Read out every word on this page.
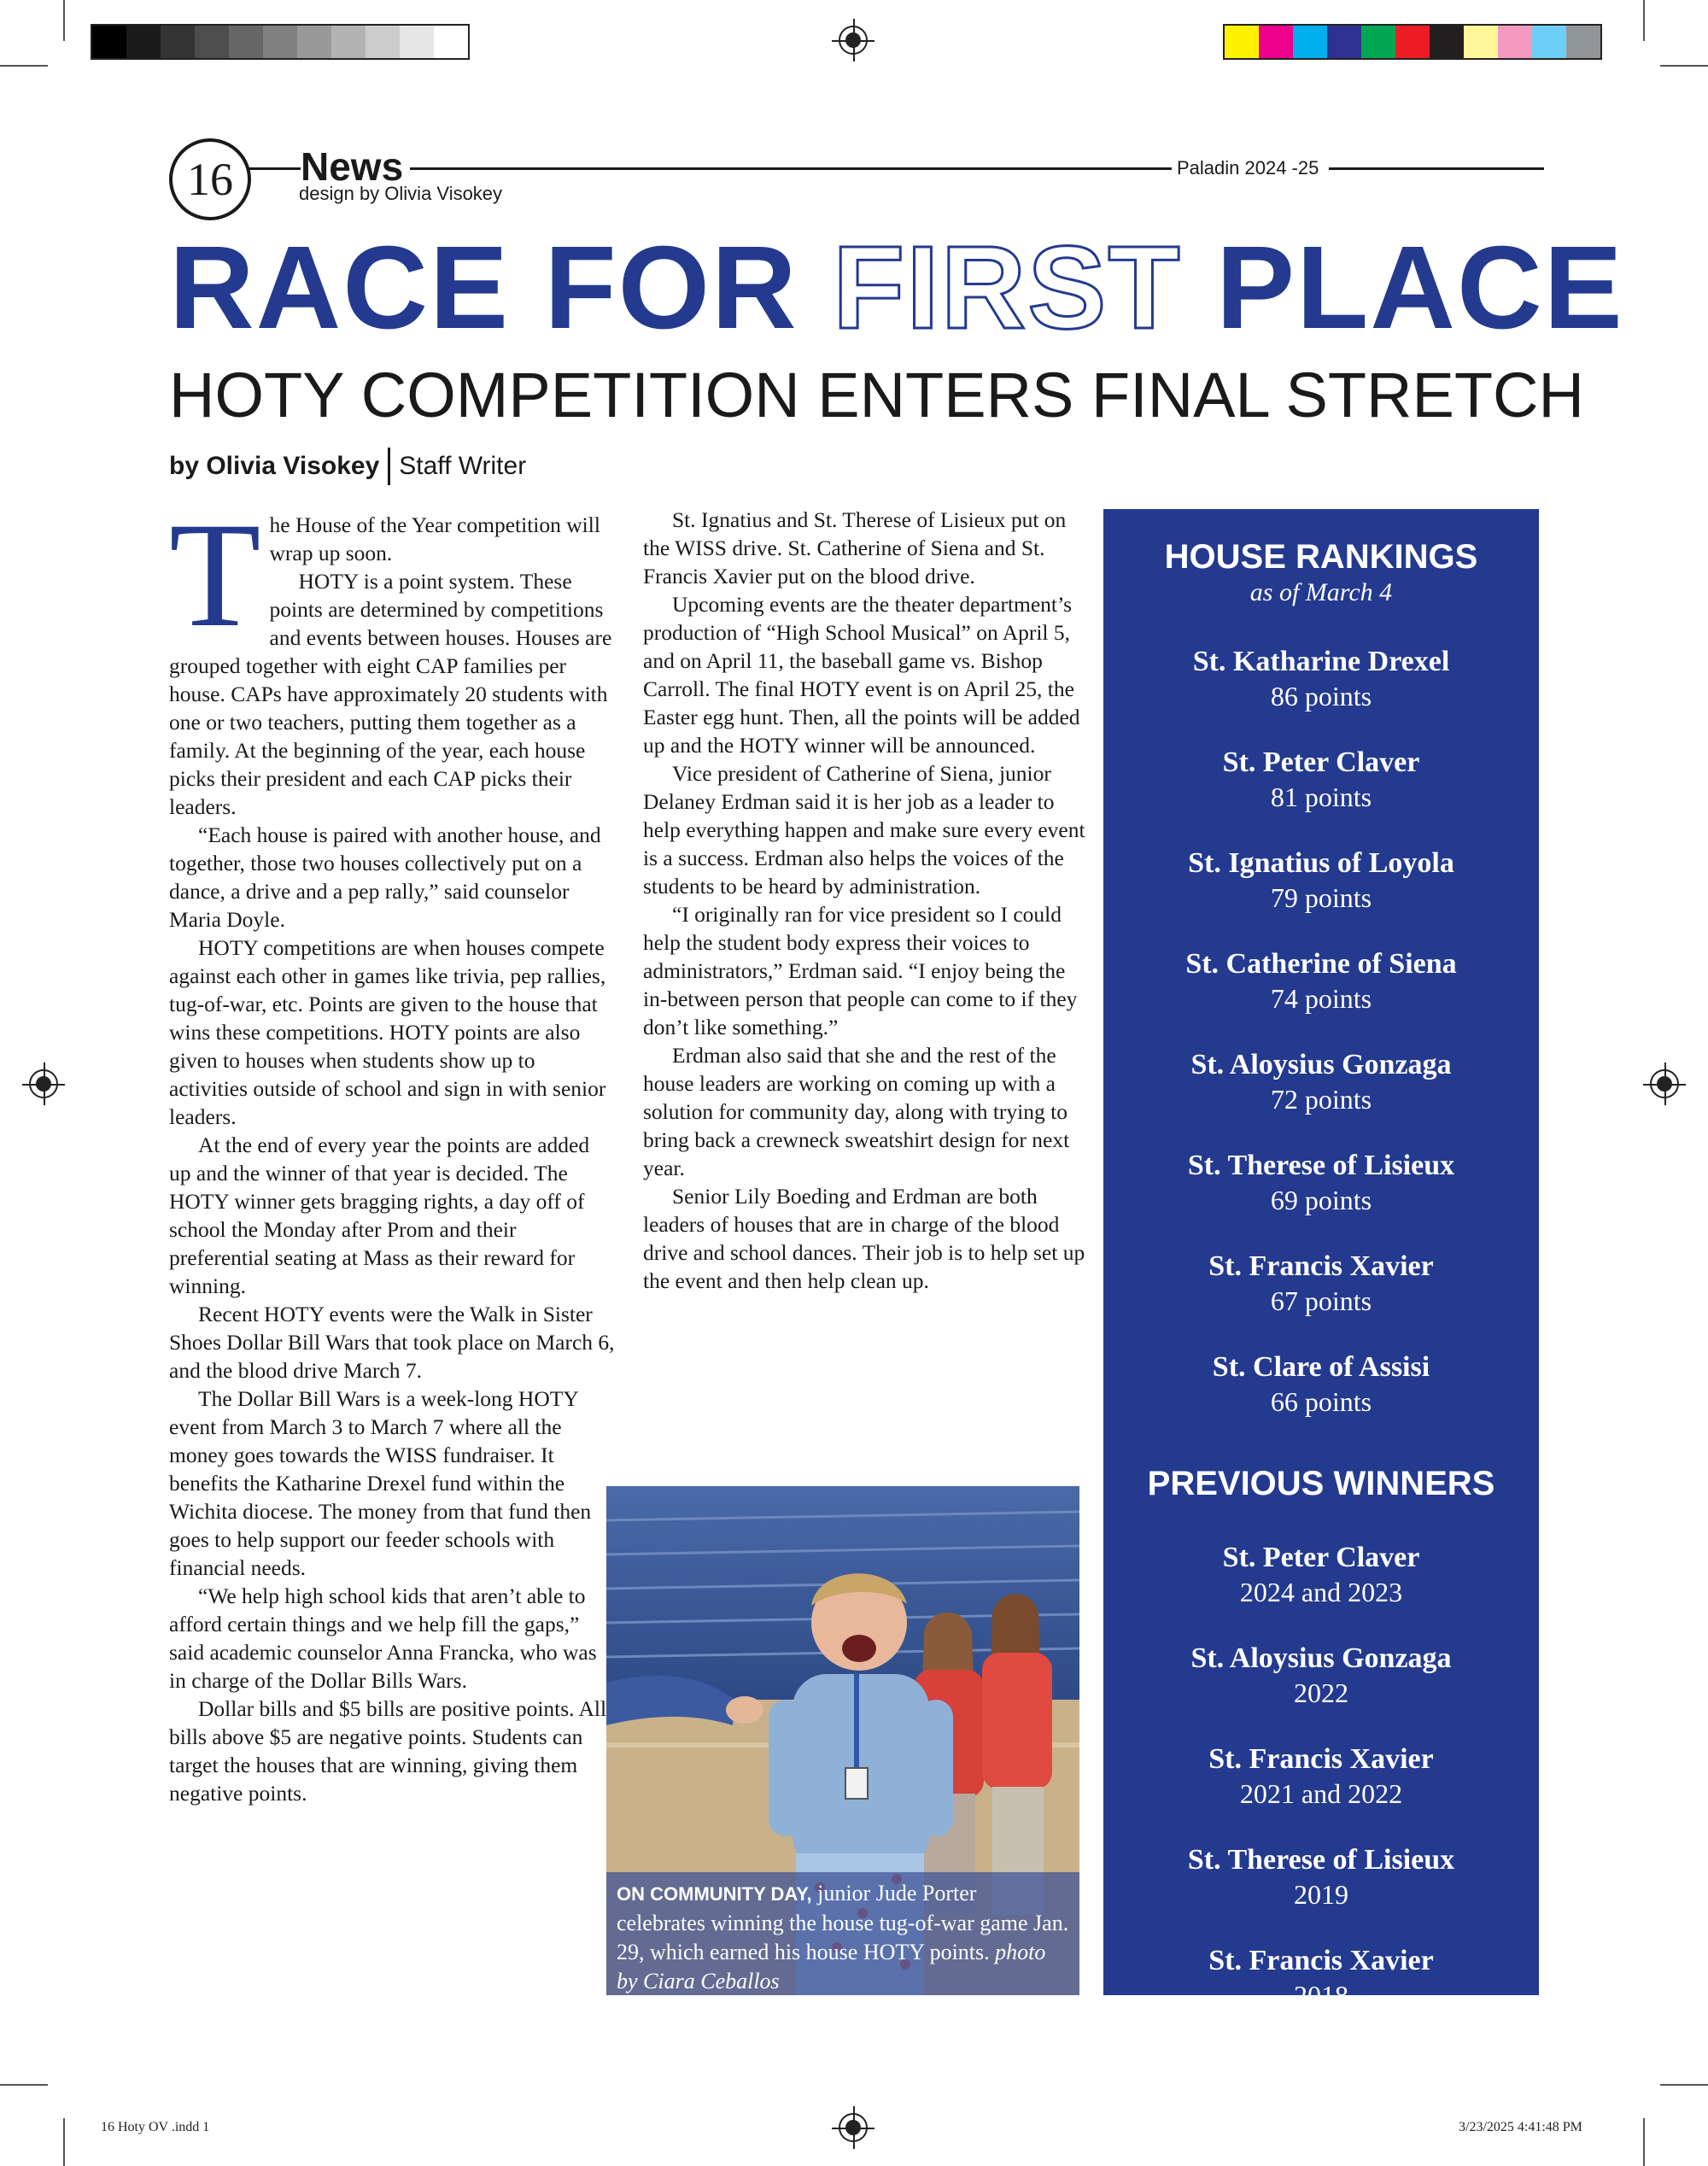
16	News
design by Olivia Visokey
Paladin 2024 -25
RACE FOR FIRST PLACE
HOTY COMPETITION ENTERS FINAL STRETCH
by Olivia Visokey Staff Writer
T he House of the Year competition will wrap up soon.

HOTY is a point system. These points are determined by competitions and events between houses. Houses are grouped together with eight CAP families per house. CAPs have approximately 20 students with one or two teachers, putting them together as a family. At the beginning of the year, each house picks their president and each CAP picks their leaders.

“Each house is paired with another house, and together, those two houses collectively put on a dance, a drive and a pep rally,” said counselor Maria Doyle.

HOTY competitions are when houses compete against each other in games like trivia, pep rallies, tug-of-war, etc. Points are given to the house that wins these competitions. HOTY points are also given to houses when students show up to activities outside of school and sign in with senior leaders.

At the end of every year the points are added up and the winner of that year is decided. The HOTY winner gets bragging rights, a day off of school the Monday after Prom and their preferential seating at Mass as their reward for winning.

Recent HOTY events were the Walk in Sister Shoes Dollar Bill Wars that took place on March 6, and the blood drive March 7.

The Dollar Bill Wars is a week-long HOTY event from March 3 to March 7 where all the money goes towards the WISS fundraiser. It benefits the Katharine Drexel fund within the Wichita diocese. The money from that fund then goes to help support our feeder schools with financial needs.

“We help high school kids that aren’t able to afford certain things and we help fill the gaps,” said academic counselor Anna Francka, who was in charge of the Dollar Bills Wars.

Dollar bills and $5 bills are positive points. All bills above $5 are negative points. Students can target the houses that are winning, giving them negative points.

St. Ignatius and St. Therese of Lisieux put on the WISS drive. St. Catherine of Siena and St. Francis Xavier put on the blood drive.

Upcoming events are the theater department’s production of “High School Musical” on April 5, and on April 11, the baseball game vs. Bishop Carroll. The final HOTY event is on April 25, the Easter egg hunt. Then, all the points will be added up and the HOTY winner will be announced.

Vice president of Catherine of Siena, junior Delaney Erdman said it is her job as a leader to help everything happen and make sure every event is a success. Erdman also helps the voices of the students to be heard by administration.

“I originally ran for vice president so I could help the student body express their voices to administrators,” Erdman said. “I enjoy being the in-between person that people can come to if they don’t like something.”

Erdman also said that she and the rest of the house leaders are working on coming up with a solution for community day, along with trying to bring back a crewneck sweatshirt design for next year.

Senior Lily Boeding and Erdman are both leaders of houses that are in charge of the blood drive and school dances. Their job is to help set up the event and then help clean up.

ON COMMUNITY DAY, junior Jude Porter celebrates winning the house tug-of-war game Jan. 29, which earned his house HOTY points. photo by Ciara Ceballos
HOUSE RANKINGS
as of March 4
St. Katharine Drexel
86 points
St. Peter Claver
81 points
St. Ignatius of Loyola
79 points
St. Catherine of Siena
74 points
St. Aloysius Gonzaga
72 points
St. Therese of Lisieux
69 points
St. Francis Xavier
67 points
St. Clare of Assisi
66 points
PREVIOUS WINNERS
St. Peter Claver
2024 and 2023
St. Aloysius Gonzaga
2022
St. Francis Xavier
2021 and 2022
St. Therese of Lisieux
2019
St. Francis Xavier
2018
16 Hoty OV .indd 1	3/23/2025 4:41:48 PM
